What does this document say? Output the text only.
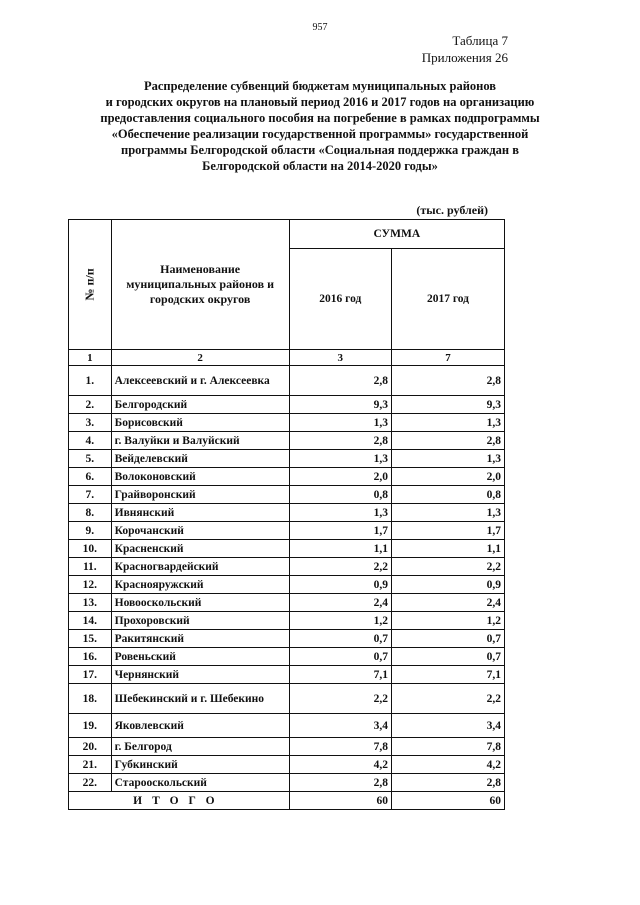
957
Таблица 7
Приложения 26
Распределение субвенций бюджетам муниципальных районов
и городских округов на плановый период 2016 и 2017 годов на организацию
предоставления социального пособия на погребение в рамках подпрограммы
«Обеспечение реализации государственной программы» государственной
программы Белгородской области «Социальная поддержка граждан в
Белгородской области на 2014-2020 годы»
(тыс. рублей)
№ п/п	Наименование муниципальных районов и городских округов	СУММА	
		2016 год	2017 год
1	2	3	7
1.	Алексеевский и г. Алексеевка	2,8	2,8
2.	Белгородский	9,3	9,3
3.	Борисовский	1,3	1,3
4.	г. Валуйки и Валуйский	2,8	2,8
5.	Вейделевский	1,3	1,3
6.	Волоконовский	2,0	2,0
7.	Грайворонский	0,8	0,8
8.	Ивнянский	1,3	1,3
9.	Корочанский	1,7	1,7
10.	Красненский	1,1	1,1
11.	Красногвардейский	2,2	2,2
12.	Краснояружский	0,9	0,9
13.	Новооскольский	2,4	2,4
14.	Прохоровский	1,2	1,2
15.	Ракитянский	0,7	0,7
16.	Ровеньский	0,7	0,7
17.	Чернянский	7,1	7,1
18.	Шебекинский и г. Шебекино	2,2	2,2
19.	Яковлевский	3,4	3,4
20.	г. Белгород	7,8	7,8
21.	Губкинский	4,2	4,2
22.	Старооскольский	2,8	2,8
ИТОГО		60	60
